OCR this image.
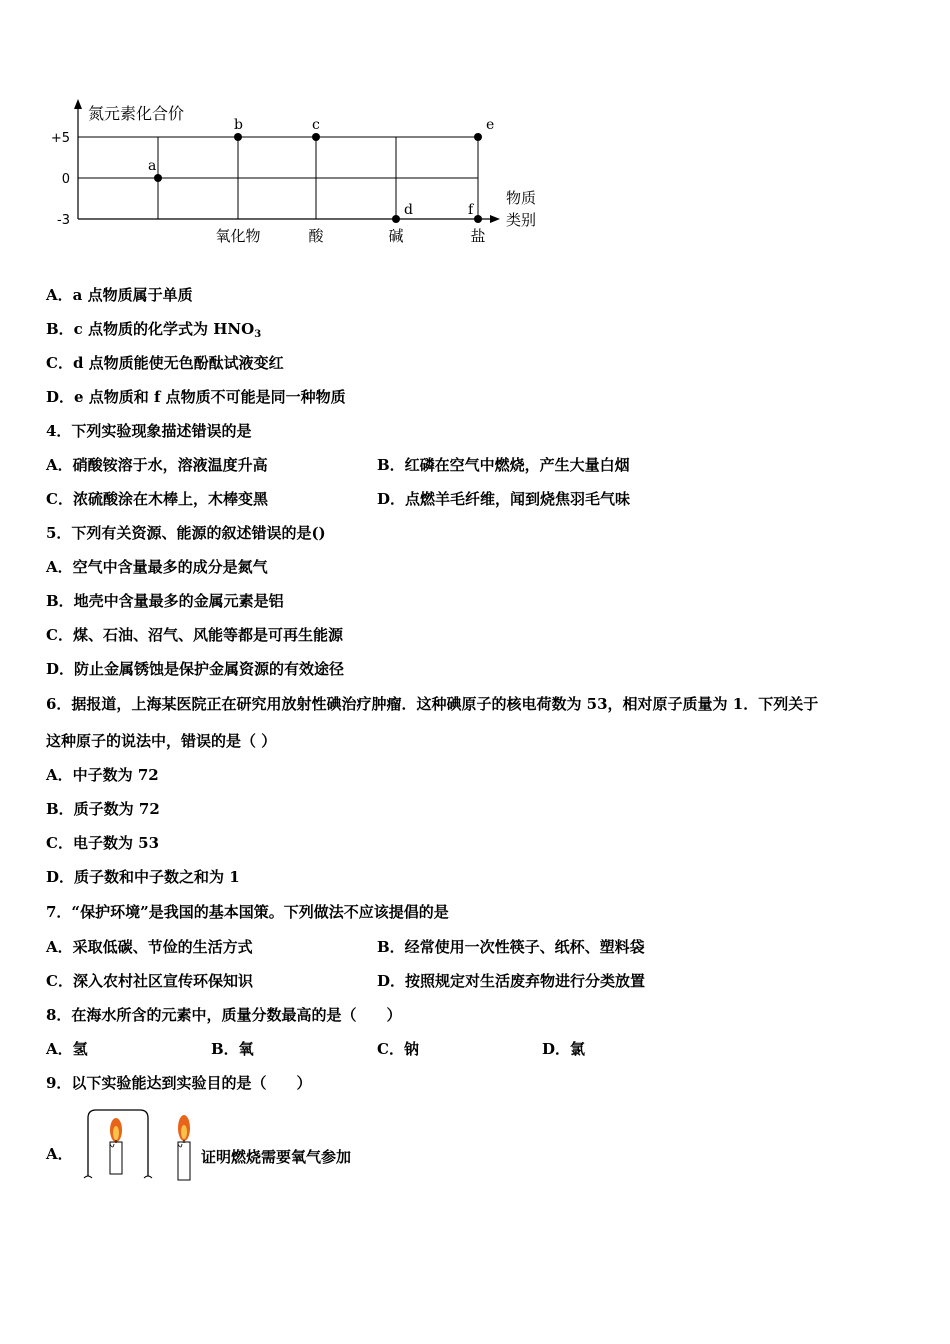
氮元素化合价
物质
类别
+5
0
-3
氧化物	酸	碱	盐
a
b	c
d
e
f
A．a 点物质属于单质
B．c 点物质的化学式为 $HNO_3$
C．d 点物质能使无色酚酞试液变红
D．e 点物质和 f 点物质不可能是同一种物质
4．下列实验现象描述错误的是
A．硝酸铵溶于水，溶液温度升高	B．红磷在空气中燃烧，产生大量白烟
C．浓硫酸涂在木棒上，木棒变黑	D．点燃羊毛纤维，闻到烧焦羽毛气味
5．下列有关资源、能源的叙述错误的是()
A．空气中含量最多的成分是氮气
B．地壳中含量最多的金属元素是铝
C．煤、石油、沼气、风能等都是可再生能源
D．防止金属锈蚀是保护金属资源的有效途径
6．据报道，上海某医院正在研究用放射性碘治疗肿瘤．这种碘原子的核电荷数为 53，相对原子质量为 1．下列关于
这种原子的说法中，错误的是（ ）
A．中子数为 72
B．质子数为 72
C．电子数为 53
D．质子数和中子数之和为 1
7．“保护环境”是我国的基本国策。下列做法不应该提倡的是
A．采取低碳、节俭的生活方式	B．经常使用一次性筷子、纸杯、塑料袋
C．深入农村社区宣传环保知识	D．按照规定对生活废弃物进行分类放置
8．在海水所含的元素中，质量分数最高的是（　　）
A．氢	B．氧	C．钠	D．氯
9．以下实验能达到实验目的是（　　）
A．	证明燃烧需要氧气参加
